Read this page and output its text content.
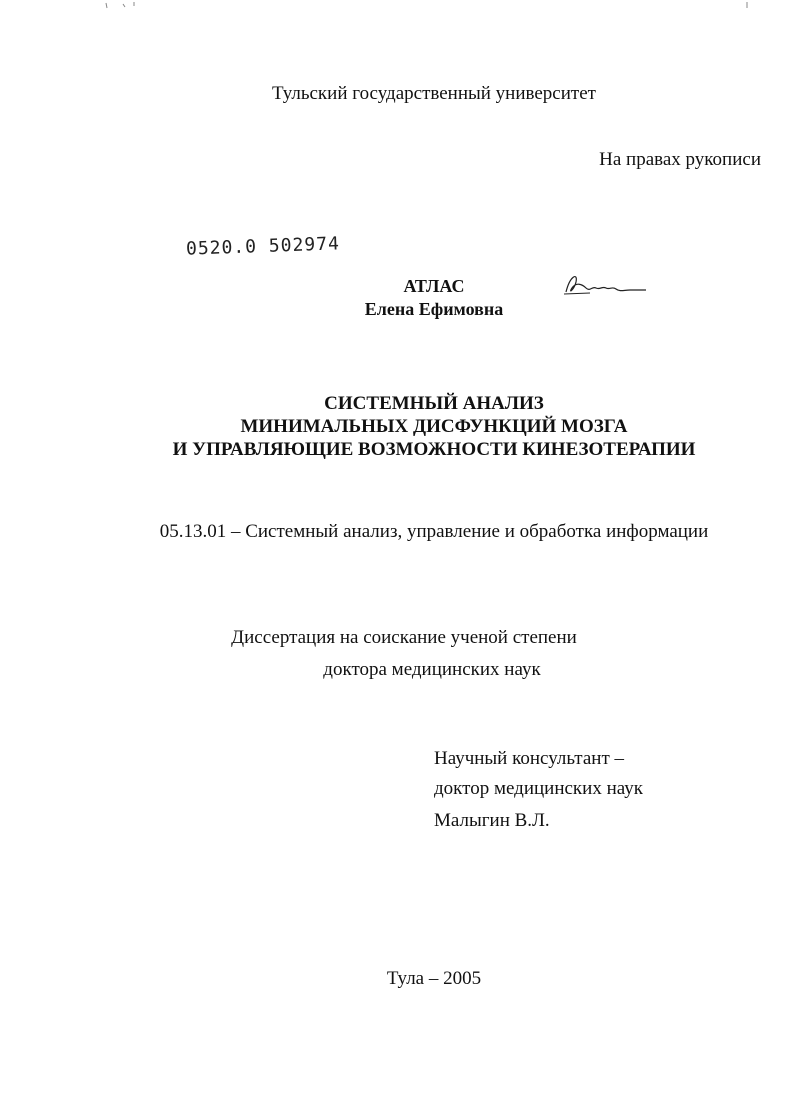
Тульский государственный университет
На правах рукописи
0520.0 502974
АТЛАС
Елена Ефимовна
СИСТЕМНЫЙ АНАЛИЗ
МИНИМАЛЬНЫХ ДИСФУНКЦИЙ МОЗГА
И УПРАВЛЯЮЩИЕ ВОЗМОЖНОСТИ КИНЕЗОТЕРАПИИ
05.13.01 – Системный анализ, управление и обработка информации
Диссертация на соискание ученой степени
доктора медицинских наук
Научный консультант –
доктор медицинских наук
Малыгин В.Л.
Тула – 2005
